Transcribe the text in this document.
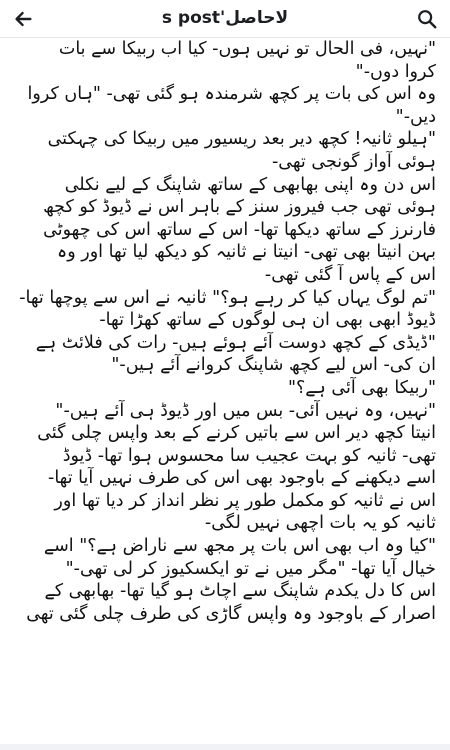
لاحاصل's post
"نہیں، فی الحال تو نہیں ہوں- کیا اب ربیکا سے بات
کروا دوں-"
وہ اس کی بات پر کچھ شرمندہ ہو گئی تھی- "ہاں کروا
دیں-"
"ہیلو ثانیہ! کچھ دیر بعد ریسیور میں ربیکا کی چہکتی
ہوئی آواز گونجی تھی-
اس دن وہ اپنی بھابھی کے ساتھ شاپنگ کے لیے نکلی
ہوئی تھی جب فیروز سنز کے باہر اس نے ڈیوڈ کو کچھ
فارنرز کے ساتھ دیکھا تھا- اس کے ساتھ اس کی چھوٹی
بہن انیتا بھی تھی- انیتا نے ثانیہ کو دیکھ لیا تھا اور وہ
اس کے پاس آ گئی تھی-
"تم لوگ یہاں کیا کر رہے ہو؟" ثانیہ نے اس سے پوچھا تھا-
ڈیوڈ ابھی بھی ان ہی لوگوں کے ساتھ کھڑا تھا-
"ڈیڈی کے کچھ دوست آئے ہوئے ہیں- رات کی فلائٹ ہے
ان کی- اس لیے کچھ شاپنگ کروانے آئے ہیں-"
"ربیکا بھی آئی ہے؟"
"نہیں، وہ نہیں آئی- بس میں اور ڈیوڈ ہی آئے ہیں-"
انیتا کچھ دیر اس سے باتیں کرنے کے بعد واپس چلی گئی
تھی- ثانیہ کو بہت عجیب سا محسوس ہوا تھا- ڈیوڈ
اسے دیکھنے کے باوجود بھی اس کی طرف نہیں آیا تھا-
اس نے ثانیہ کو مکمل طور پر نظر انداز کر دیا تھا اور
ثانیہ کو یہ بات اچھی نہیں لگی-
"کیا وہ اب بھی اس بات پر مجھ سے ناراض ہے؟" اسے
خیال آیا تھا- "مگر میں نے تو ایکسکیوز کر لی تھی-"
اس کا دل یکدم شاپنگ سے اچاٹ ہو گیا تھا- بھابھی کے
اصرار کے باوجود وہ واپس گاڑی کی طرف چلی گئی تھی
